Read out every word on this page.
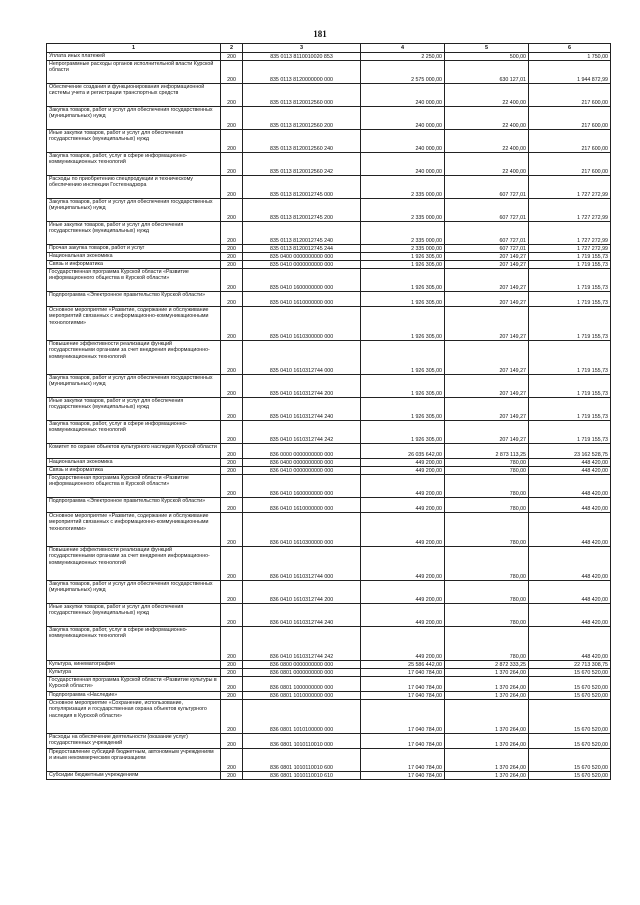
181
1	2	3	4	5	6
Уплата иных платежей	200	835 0113 8110010020 853	2 250,00	500,00	1 750,00
Непрограммные расходы органов исполнительной власти Курской области	200	835 0113 8120000000 000	2 575 000,00	630 127,01	1 944 872,99
Обеспечение создания и функционирования информационной системы учета и регистрации транспортных средств	200	835 0113 8120012560 000	240 000,00	22 400,00	217 600,00
Закупка товаров, работ и услуг для обеспечения государственных (муниципальных) нужд	200	835 0113 8120012560 200	240 000,00	22 400,00	217 600,00
Иные закупки товаров, работ и услуг для обеспечения государственных (муниципальных) нужд	200	835 0113 8120012560 240	240 000,00	22 400,00	217 600,00
Закупка товаров, работ, услуг в сфере информационно-коммуникационных технологий	200	835 0113 8120012560 242	240 000,00	22 400,00	217 600,00
Расходы по приобретению спецпродукции и техническому обеспечению инспекции Гостехнадзора	200	835 0113 8120012745 000	2 335 000,00	607 727,01	1 727 272,99
Закупка товаров, работ и услуг для обеспечения государственных (муниципальных) нужд	200	835 0113 8120012745 200	2 335 000,00	607 727,01	1 727 272,99
Иные закупки товаров, работ и услуг для обеспечения государственных (муниципальных) нужд	200	835 0113 8120012745 240	2 335 000,00	607 727,01	1 727 272,99
Прочая закупка товаров, работ и услуг	200	835 0113 8120012745 244	2 335 000,00	607 727,01	1 727 272,99
Национальная экономика	200	835 0400 0000000000 000	1 926 305,00	207 149,27	1 719 155,73
Связь и информатика	200	835 0410 0000000000 000	1 926 305,00	207 149,27	1 719 155,73
Государственная программа Курской области «Развитие информационного общества в Курской области»	200	835 0410 1600000000 000	1 926 305,00	207 149,27	1 719 155,73
Подпрограмма «Электронное правительство Курской области»	200	835 0410 1610000000 000	1 926 305,00	207 149,27	1 719 155,73
Основное мероприятие «Развитие, содержание и обслуживание мероприятий связанных с информационно-коммуникационными технологиями»	200	835 0410 1610300000 000	1 926 305,00	207 149,27	1 719 155,73
Повышение эффективности реализации функций государственными органами за счет внедрения информационно-коммуникационных технологий	200	835 0410 1610312744 000	1 926 305,00	207 149,27	1 719 155,73
Закупка товаров, работ и услуг для обеспечения государственных (муниципальных) нужд	200	835 0410 1610312744 200	1 926 305,00	207 149,27	1 719 155,73
Иные закупки товаров, работ и услуг для обеспечения государственных (муниципальных) нужд	200	835 0410 1610312744 240	1 926 305,00	207 149,27	1 719 155,73
Закупка товаров, работ, услуг в сфере информационно-коммуникационных технологий	200	835 0410 1610312744 242	1 926 305,00	207 149,27	1 719 155,73
Комитет по охране объектов культурного наследия Курской области	200	836 0000 0000000000 000	26 035 642,00	2 873 113,25	23 162 528,75
Национальная экономика	200	836 0400 0000000000 000	449 200,00	780,00	448 420,00
Связь и информатика	200	836 0410 0000000000 000	449 200,00	780,00	448 420,00
Государственная программа Курской области «Развитие информационного общества в Курской области»	200	836 0410 1600000000 000	449 200,00	780,00	448 420,00
Подпрограмма «Электронное правительство Курской области»	200	836 0410 1610000000 000	449 200,00	780,00	448 420,00
Основное мероприятие «Развитие, содержание и обслуживание мероприятий связанных с информационно-коммуникационными технологиями»	200	836 0410 1610300000 000	449 200,00	780,00	448 420,00
Повышение эффективности реализации функций государственными органами за счет внедрения информационно-коммуникационных технологий	200	836 0410 1610312744 000	449 200,00	780,00	448 420,00
Закупка товаров, работ и услуг для обеспечения государственных (муниципальных) нужд	200	836 0410 1610312744 200	449 200,00	780,00	448 420,00
Иные закупки товаров, работ и услуг для обеспечения государственных (муниципальных) нужд	200	836 0410 1610312744 240	449 200,00	780,00	448 420,00
Закупка товаров, работ, услуг в сфере информационно-коммуникационных технологий	200	836 0410 1610312744 242	449 200,00	780,00	448 420,00
Культура, кинематография	200	836 0800 0000000000 000	25 586 442,00	2 872 333,25	22 713 308,75
Культура	200	836 0801 0000000000 000	17 040 784,00	1 370 264,00	15 670 520,00
Государственная программа Курской области «Развитие культуры в Курской области»	200	836 0801 1000000000 000	17 040 784,00	1 370 264,00	15 670 520,00
Подпрограмма «Наследие»	200	836 0801 1010000000 000	17 040 784,00	1 370 264,00	15 670 520,00
Основное мероприятие «Сохранение, использование, популяризация и государственная охрана объектов культурного наследия в Курской области»	200	836 0801 1010100000 000	17 040 784,00	1 370 264,00	15 670 520,00
Расходы на обеспечение деятельности (оказание услуг) государственных учреждений	200	836 0801 1010110010 000	17 040 784,00	1 370 264,00	15 670 520,00
Предоставление субсидий бюджетным, автономным учреждениям и иным некоммерческим организациям	200	836 0801 1010110010 600	17 040 784,00	1 370 264,00	15 670 520,00
Субсидии бюджетным учреждениям	200	836 0801 1010110010 610	17 040 784,00	1 370 264,00	15 670 520,00
